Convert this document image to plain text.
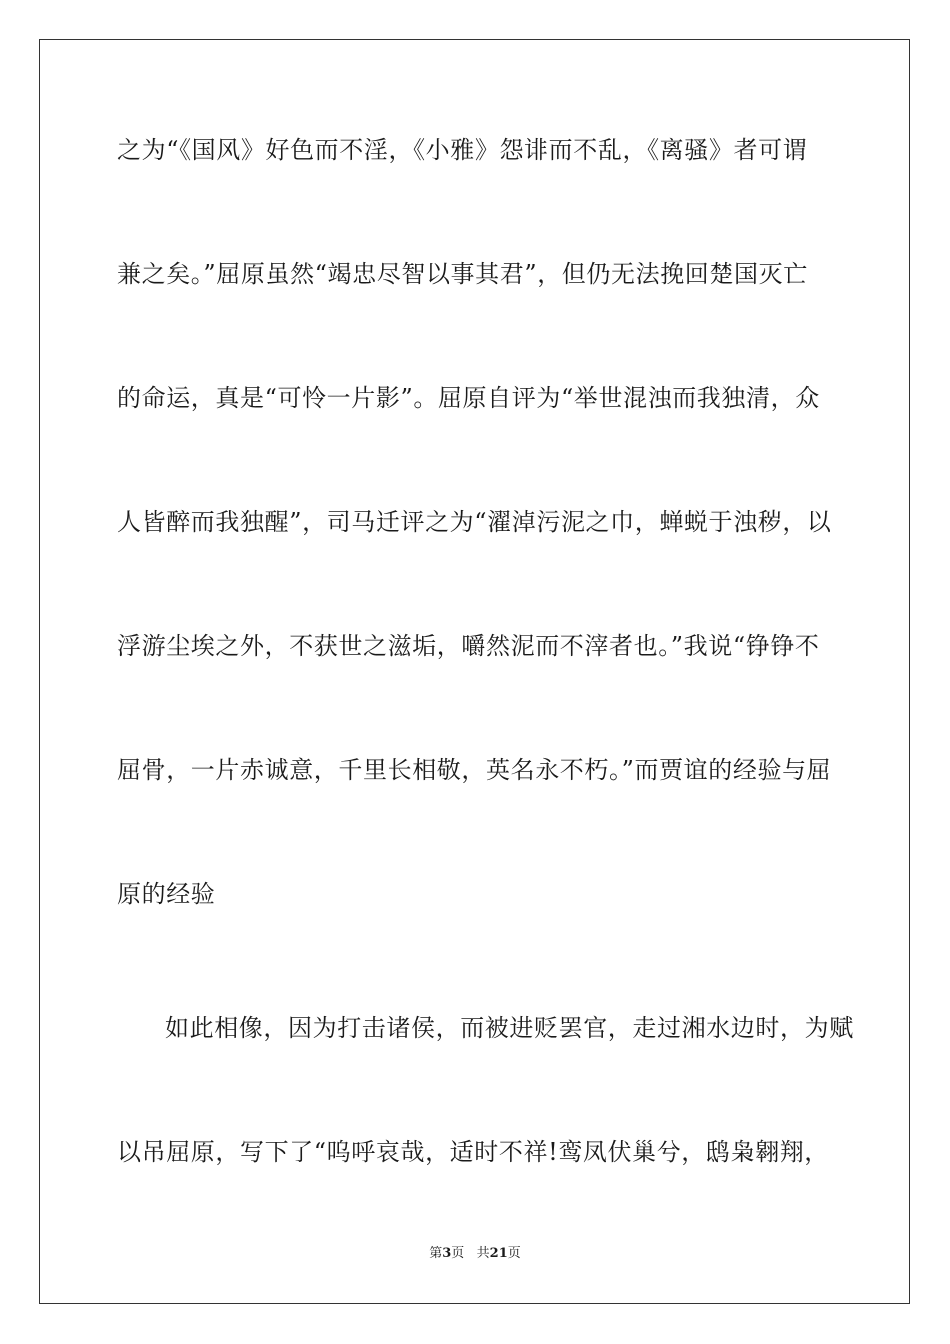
之为“《国风》好色而不淫，《小雅》怨诽而不乱，《离骚》者可谓
兼之矣。”屈原虽然“竭忠尽智以事其君”，但仍无法挽回楚国灭亡
的命运，真是“可怜一片影”。屈原自评为“举世混浊而我独清，众
人皆醉而我独醒”，司马迁评之为“濯淖污泥之巾，蝉蜕于浊秽，以
浮游尘埃之外，不获世之滋垢，嚼然泥而不滓者也。”我说“铮铮不
屈骨，一片赤诚意，千里长相敬，英名永不朽。”而贾谊的经验与屈
原的经验
如此相像，因为打击诸侯，而被进贬罢官，走过湘水边时，为赋
以吊屈原，写下了“呜呼哀哉，适时不祥!鸾凤伏巢兮，鸱枭翱翔，
第3页   共21页
